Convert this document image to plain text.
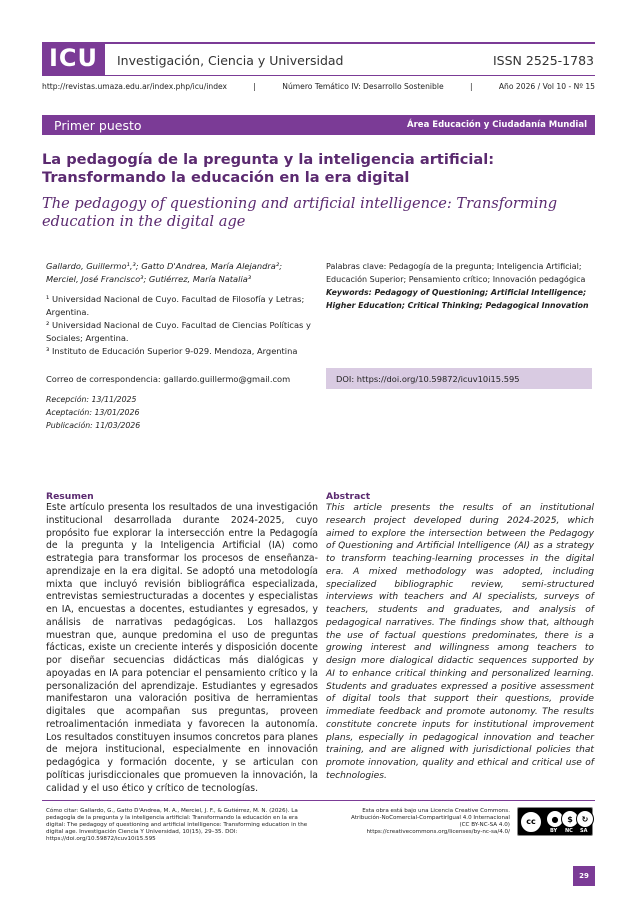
ICU	Investigación, Ciencia y Universidad	ISSN 2525-1783
http://revistas.umaza.edu.ar/index.php/icu/index	|	Número Temático IV: Desarrollo Sostenible	|	Año 2026 / Vol 10 - Nº 15
Primer puesto	Área Educación y Ciudadanía Mundial
La pedagogía de la pregunta y la inteligencia artificial: Transformando la educación en la era digital
The pedagogy of questioning and artificial intelligence: Transforming education in the digital age
Gallardo, Guillermo¹,³; Gatto D'Andrea, María Alejandra²; Merciel, José Francisco³; Gutiérrez, María Natalia³
¹ Universidad Nacional de Cuyo. Facultad de Filosofía y Letras; Argentina.
² Universidad Nacional de Cuyo. Facultad de Ciencias Políticas y Sociales; Argentina.
³ Instituto de Educación Superior 9-029. Mendoza, Argentina
Palabras clave: Pedagogía de la pregunta; Inteligencia Artificial; Educación Superior; Pensamiento crítico; Innovación pedagógica
Keywords: Pedagogy of Questioning; Artificial Intelligence; Higher Education; Critical Thinking; Pedagogical Innovation
Correo de correspondencia: gallardo.guillermo@gmail.com	DOI: https://doi.org/10.59872/icuv10i15.595
Recepción: 13/11/2025
Aceptación: 13/01/2026
Publicación: 11/03/2026
Resumen
Este artículo presenta los resultados de una investigación institucional desarrollada durante 2024-2025, cuyo propósito fue explorar la intersección entre la Pedagogía de la pregunta y la Inteligencia Artificial (IA) como estrategia para transformar los procesos de enseñanza-aprendizaje en la era digital. Se adoptó una metodología mixta que incluyó revisión bibliográfica especializada, entrevistas semiestructuradas a docentes y especialistas en IA, encuestas a docentes, estudiantes y egresados, y análisis de narrativas pedagógicas. Los hallazgos muestran que, aunque predomina el uso de preguntas fácticas, existe un creciente interés y disposición docente por diseñar secuencias didácticas más dialógicas y apoyadas en IA para potenciar el pensamiento crítico y la personalización del aprendizaje. Estudiantes y egresados manifestaron una valoración positiva de herramientas digitales que acompañan sus preguntas, proveen retroalimentación inmediata y favorecen la autonomía. Los resultados constituyen insumos concretos para planes de mejora institucional, especialmente en innovación pedagógica y formación docente, y se articulan con políticas jurisdiccionales que promueven la innovación, la calidad y el uso ético y crítico de tecnologías.
Abstract
This article presents the results of an institutional research project developed during 2024-2025, which aimed to explore the intersection between the Pedagogy of Questioning and Artificial Intelligence (AI) as a strategy to transform teaching-learning processes in the digital era. A mixed methodology was adopted, including specialized bibliographic review, semi-structured interviews with teachers and AI specialists, surveys of teachers, students and graduates, and analysis of pedagogical narratives. The findings show that, although the use of factual questions predominates, there is a growing interest and willingness among teachers to design more dialogical didactic sequences supported by AI to enhance critical thinking and personalized learning. Students and graduates expressed a positive assessment of digital tools that support their questions, provide immediate feedback and promote autonomy. The results constitute concrete inputs for institutional improvement plans, especially in pedagogical innovation and teacher training, and are aligned with jurisdictional policies that promote innovation, quality and ethical and critical use of technologies.
Cómo citar: Gallardo, G., Gatto D'Andrea, M. A., Merciel, J. F., & Gutiérrez, M. N. (2026). La pedagogía de la pregunta y la inteligencia artificial: Transformando la educación en la era digital: The pedagogy of questioning and artificial intelligence: Transforming education in the digital age. Investigación Ciencia Y Universidad, 10(15), 29–35. DOI: https://doi.org/10.59872/icuv10i15.595
Esta obra está bajo una Licencia Creative Commons.
Atribución-NoComercial-CompartirIgual 4.0 Internacional
(CC BY-NC-SA 4.0)
https://creativecommons.org/licenses/by-nc-sa/4.0/
cc	●	$	↻
BY NC SA
29
